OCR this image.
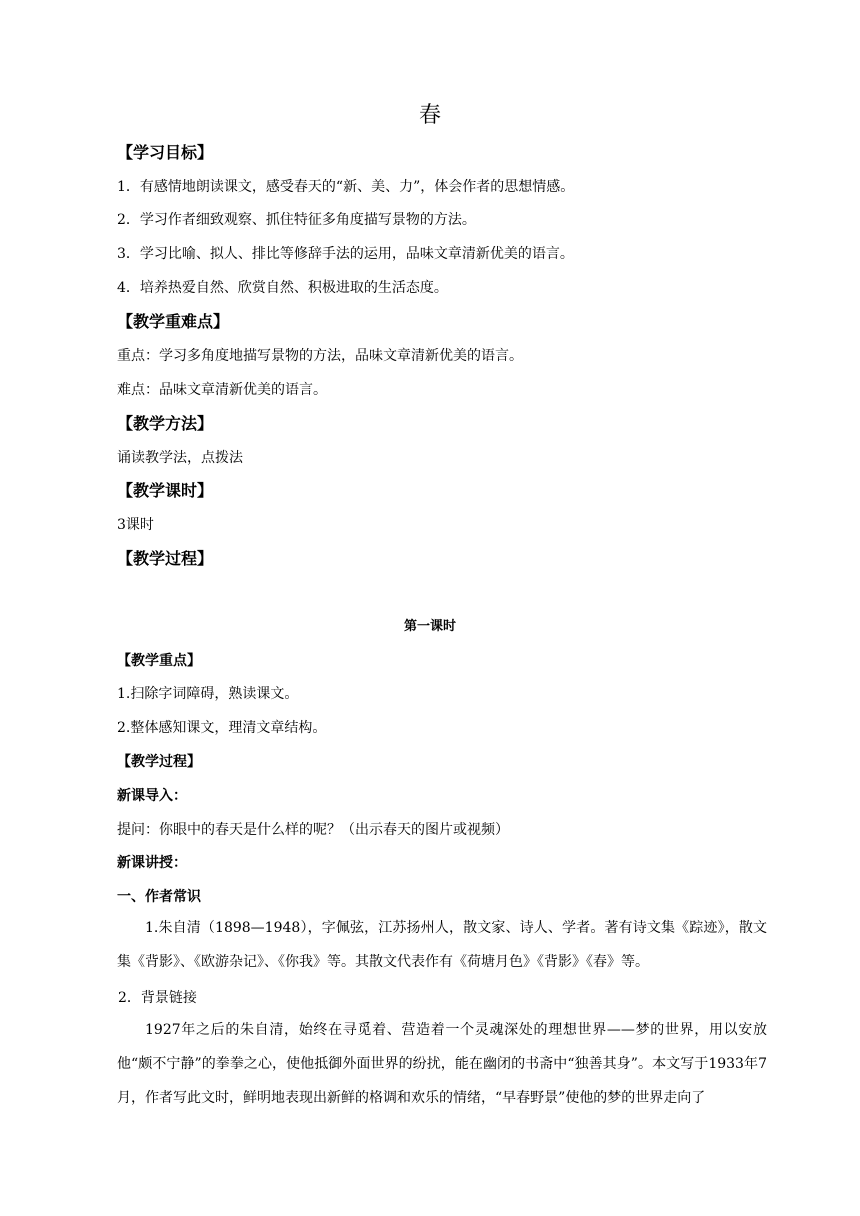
春

【学习目标】

1．有感情地朗读课文，感受春天的“新、美、力”，体会作者的思想情感。

2．学习作者细致观察、抓住特征多角度描写景物的方法。

3．学习比喻、拟人、排比等修辞手法的运用，品味文章清新优美的语言。

4．培养热爱自然、欣赏自然、积极进取的生活态度。

【教学重难点】

重点：学习多角度地描写景物的方法，品味文章清新优美的语言。

难点：品味文章清新优美的语言。

【教学方法】

诵读教学法，点拨法

【教学课时】

3课时

【教学过程】

第一课时

【教学重点】

1.扫除字词障碍，熟读课文。

2.整体感知课文，理清文章结构。

【教学过程】

新课导入：

提问：你眼中的春天是什么样的呢？（出示春天的图片或视频）

新课讲授：

一、作者常识

1.朱自清（1898—1948），字佩弦，江苏扬州人，散文家、诗人、学者。著有诗文集《踪迹》，散文集《背影》、《欧游杂记》、《你我》等。其散文代表作有《荷塘月色》《背影》《春》等。

2．背景链接

1927年之后的朱自清，始终在寻觅着、营造着一个灵魂深处的理想世界——梦的世界，用以安放他“颇不宁静”的拳拳之心，使他抵御外面世界的纷扰，能在幽闭的书斋中“独善其身”。本文写于1933年7月，作者写此文时，鲜明地表现出新鲜的格调和欢乐的情绪，“早春野景”使他的梦的世界走向了
